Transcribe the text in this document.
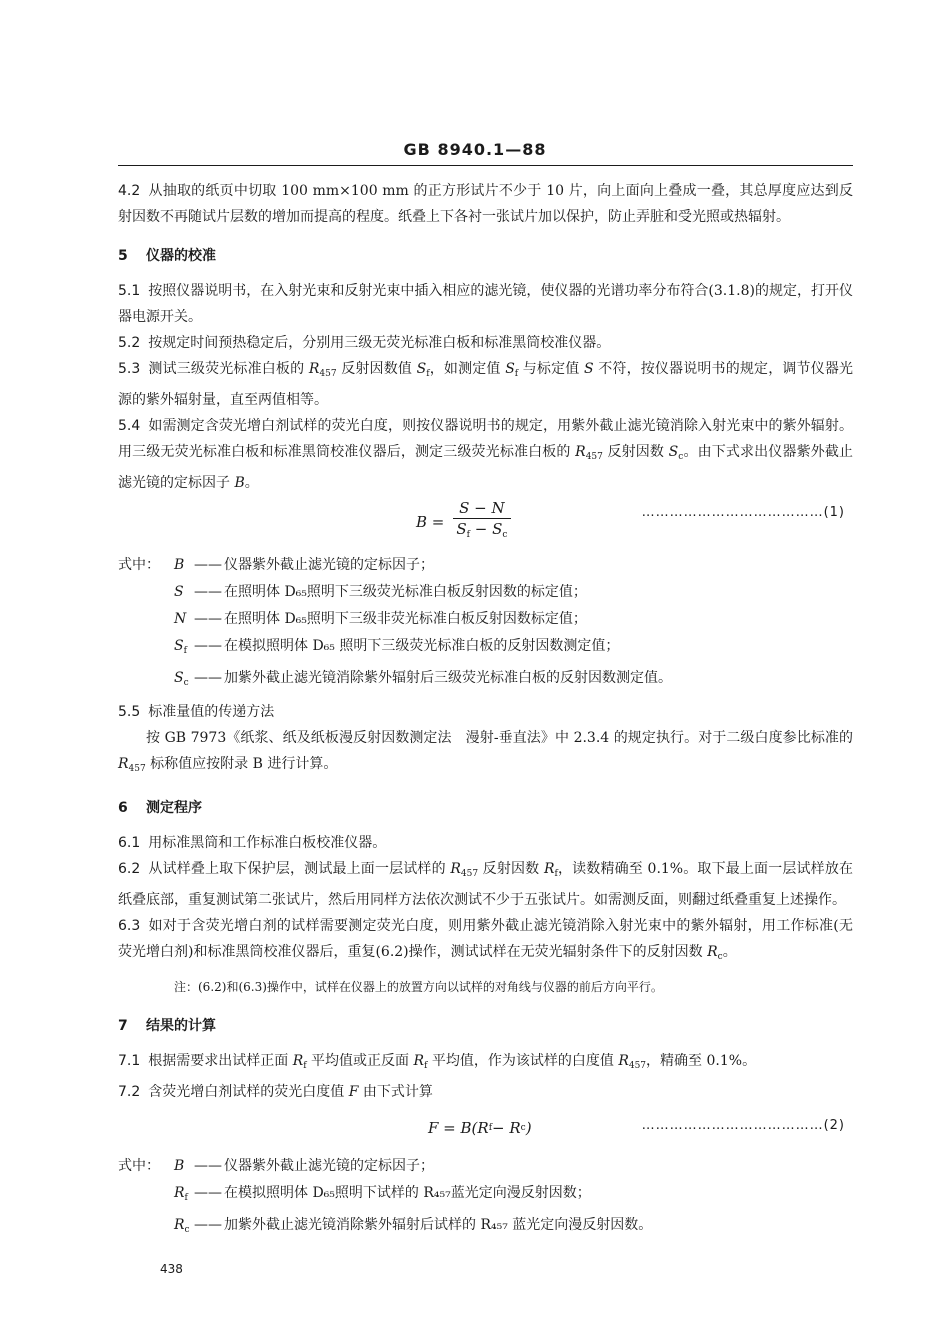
GB 8940.1—88

4.2 从抽取的纸页中切取 100 mm×100 mm 的正方形试片不少于 10 片，向上面向上叠成一叠，其总厚度应达到反射因数不再随试片层数的增加而提高的程度。纸叠上下各衬一张试片加以保护，防止弄脏和受光照或热辐射。

5 仪器的校准

5.1 按照仪器说明书，在入射光束和反射光束中插入相应的滤光镜，使仪器的光谱功率分布符合(3.1.8)的规定，打开仪器电源开关。

5.2 按规定时间预热稳定后，分别用三级无荧光标准白板和标准黑筒校准仪器。

5.3 测试三级荧光标准白板的 $R_{457}$ 反射因数值 $S_f$，如测定值 $S_f$ 与标定值 S 不符，按仪器说明书的规定，调节仪器光源的紫外辐射量，直至两值相等。

5.4 如需测定含荧光增白剂试样的荧光白度，则按仪器说明书的规定，用紫外截止滤光镜消除入射光束中的紫外辐射。用三级无荧光标准白板和标准黑筒校准仪器后，测定三级荧光标准白板的 $R_{457}$ 反射因数 $S_c$。由下式求出仪器紫外截止滤光镜的定标因子 B。

$B = \frac{S - N}{S_f - S_c}$	…………………………………(1)
式中：	B —— 仪器紫外截止滤光镜的定标因子；
S —— 在照明体 D₆₅照明下三级荧光标准白板反射因数的标定值；
N —— 在照明体 D₆₅照明下三级非荧光标准白板反射因数标定值；
$S_f$ —— 在模拟照明体 D₆₅ 照明下三级荧光标准白板的反射因数测定值；
$S_c$ —— 加紫外截止滤光镜消除紫外辐射后三级荧光标准白板的反射因数测定值。

5.5 标准量值的传递方法

按 GB 7973《纸浆、纸及纸板漫反射因数测定法　漫射-垂直法》中 2.3.4 的规定执行。对于二级白度参比标准的 $R_{457}$ 标称值应按附录 B 进行计算。

6 测定程序

6.1 用标准黑筒和工作标准白板校准仪器。

6.2 从试样叠上取下保护层，测试最上面一层试样的 $R_{457}$ 反射因数 $R_f$，读数精确至 0.1%。取下最上面一层试样放在纸叠底部，重复测试第二张试片，然后用同样方法依次测试不少于五张试片。如需测反面，则翻过纸叠重复上述操作。

6.3 如对于含荧光增白剂的试样需要测定荧光白度，则用紫外截止滤光镜消除入射光束中的紫外辐射，用工作标准(无荧光增白剂)和标准黑筒校准仪器后，重复(6.2)操作，测试试样在无荧光辐射条件下的反射因数 $R_c$。

注：(6.2)和(6.3)操作中，试样在仪器上的放置方向以试样的对角线与仪器的前后方向平行。

7 结果的计算

7.1 根据需要求出试样正面 $R_f$ 平均值或正反面 $R_f$ 平均值，作为该试样的白度值 $R_{457}$，精确至 0.1%。

7.2 含荧光增白剂试样的荧光白度值 F 由下式计算

F = B(R f − R c )	…………………………………(2)
式中：	B —— 仪器紫外截止滤光镜的定标因子；
$R_f$ —— 在模拟照明体 D₆₅照明下试样的 R₄₅₇蓝光定向漫反射因数；
$R_c$ —— 加紫外截止滤光镜消除紫外辐射后试样的 R₄₅₇ 蓝光定向漫反射因数。
438
